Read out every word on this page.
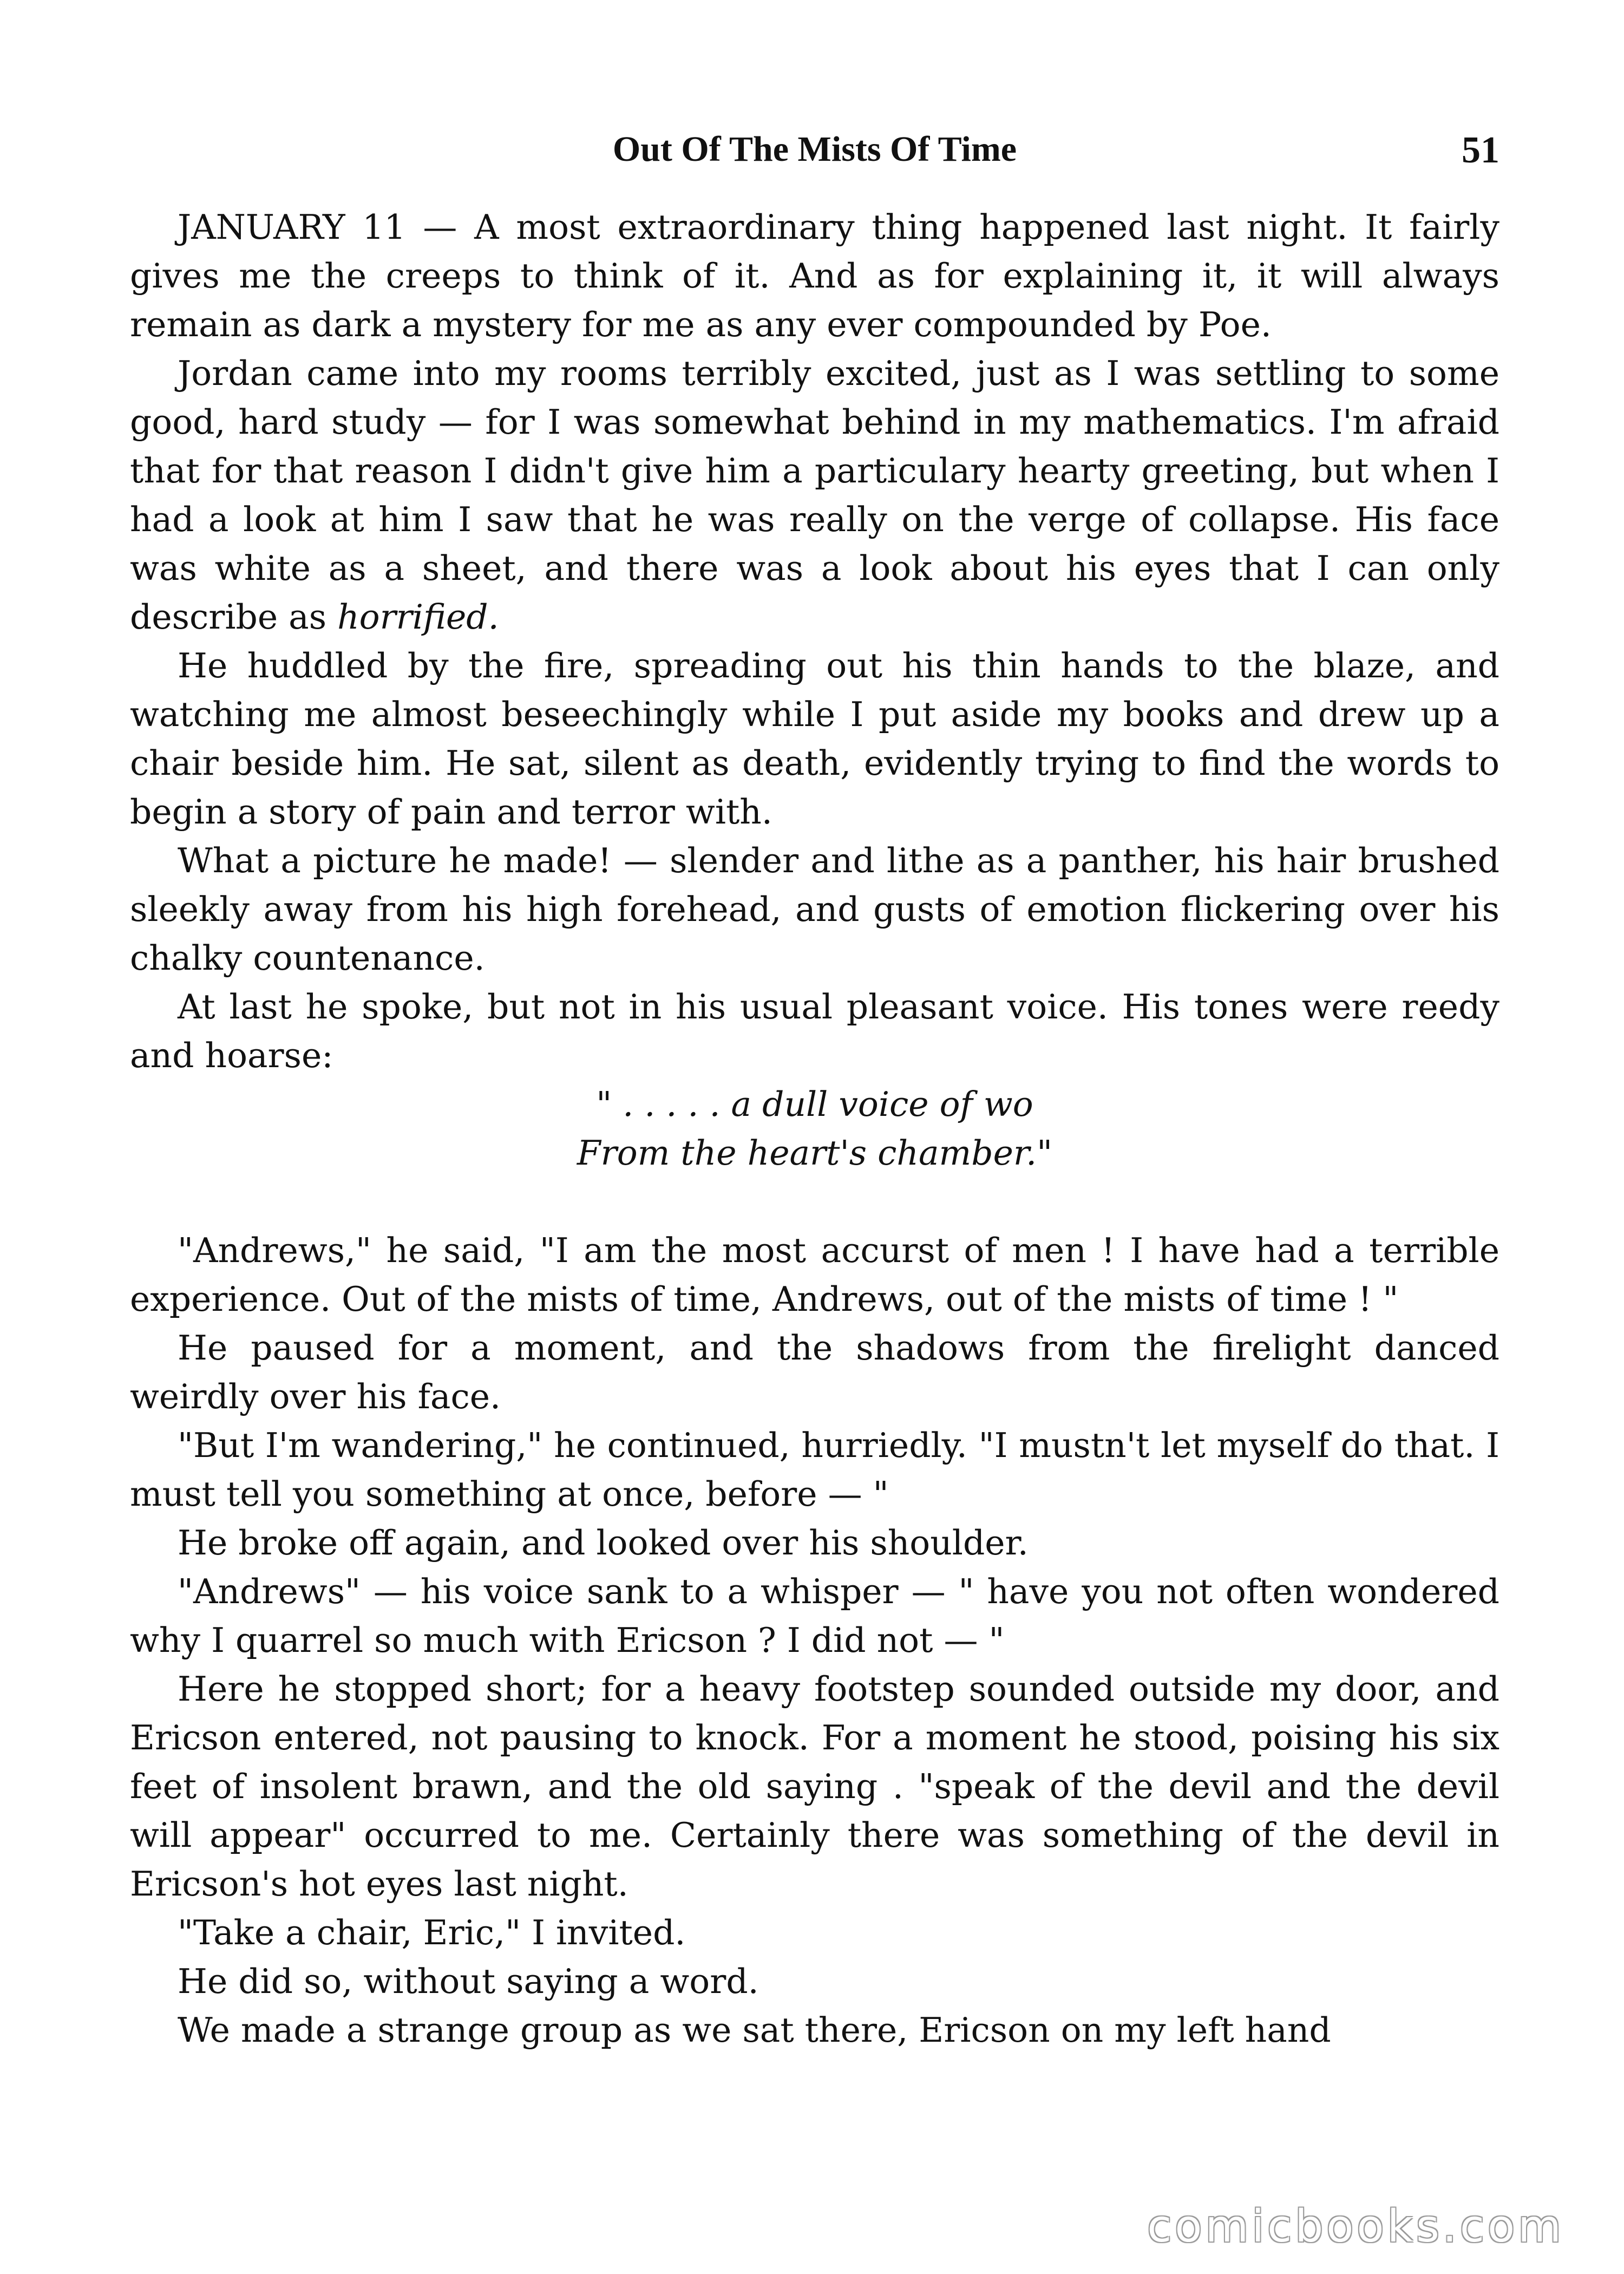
Out Of The Mists Of Time	51

JANUARY 11 — A most extraordinary thing happened last night. It fairly gives me the creeps to think of it. And as for explaining it, it will always remain as dark a mystery for me as any ever compounded by Poe.

Jordan came into my rooms terribly excited, just as I was settling to some good, hard study — for I was somewhat behind in my mathematics. I'm afraid that for that reason I didn't give him a particulary hearty greeting, but when I had a look at him I saw that he was really on the verge of collapse. His face was white as a sheet, and there was a look about his eyes that I can only describe as horrified.

He huddled by the fire, spreading out his thin hands to the blaze, and watching me almost beseechingly while I put aside my books and drew up a chair beside him. He sat, silent as death, evidently trying to find the words to begin a story of pain and terror with.

What a picture he made! — slender and lithe as a panther, his hair brushed sleekly away from his high forehead, and gusts of emotion flickering over his chalky countenance.

At last he spoke, but not in his usual pleasant voice. His tones were reedy and hoarse:

" . . . . . a dull voice of wo
From the heart's chamber."

"Andrews," he said, "I am the most accurst of men ! I have had a terrible experience. Out of the mists of time, Andrews, out of the mists of time ! "

He paused for a moment, and the shadows from the firelight danced weirdly over his face.

"But I'm wandering," he continued, hurriedly. "I mustn't let myself do that. I must tell you something at once, before — "

He broke off again, and looked over his shoulder.

"Andrews" — his voice sank to a whisper — " have you not often wondered why I quarrel so much with Ericson ? I did not — "

Here he stopped short; for a heavy footstep sounded outside my door, and Ericson entered, not pausing to knock. For a moment he stood, poising his six feet of insolent brawn, and the old saying . "speak of the devil and the devil will appear" occurred to me. Certainly there was something of the devil in Ericson's hot eyes last night.

"Take a chair, Eric," I invited.

He did so, without saying a word.

We made a strange group as we sat there, Ericson on my left hand

comicbooks.com
